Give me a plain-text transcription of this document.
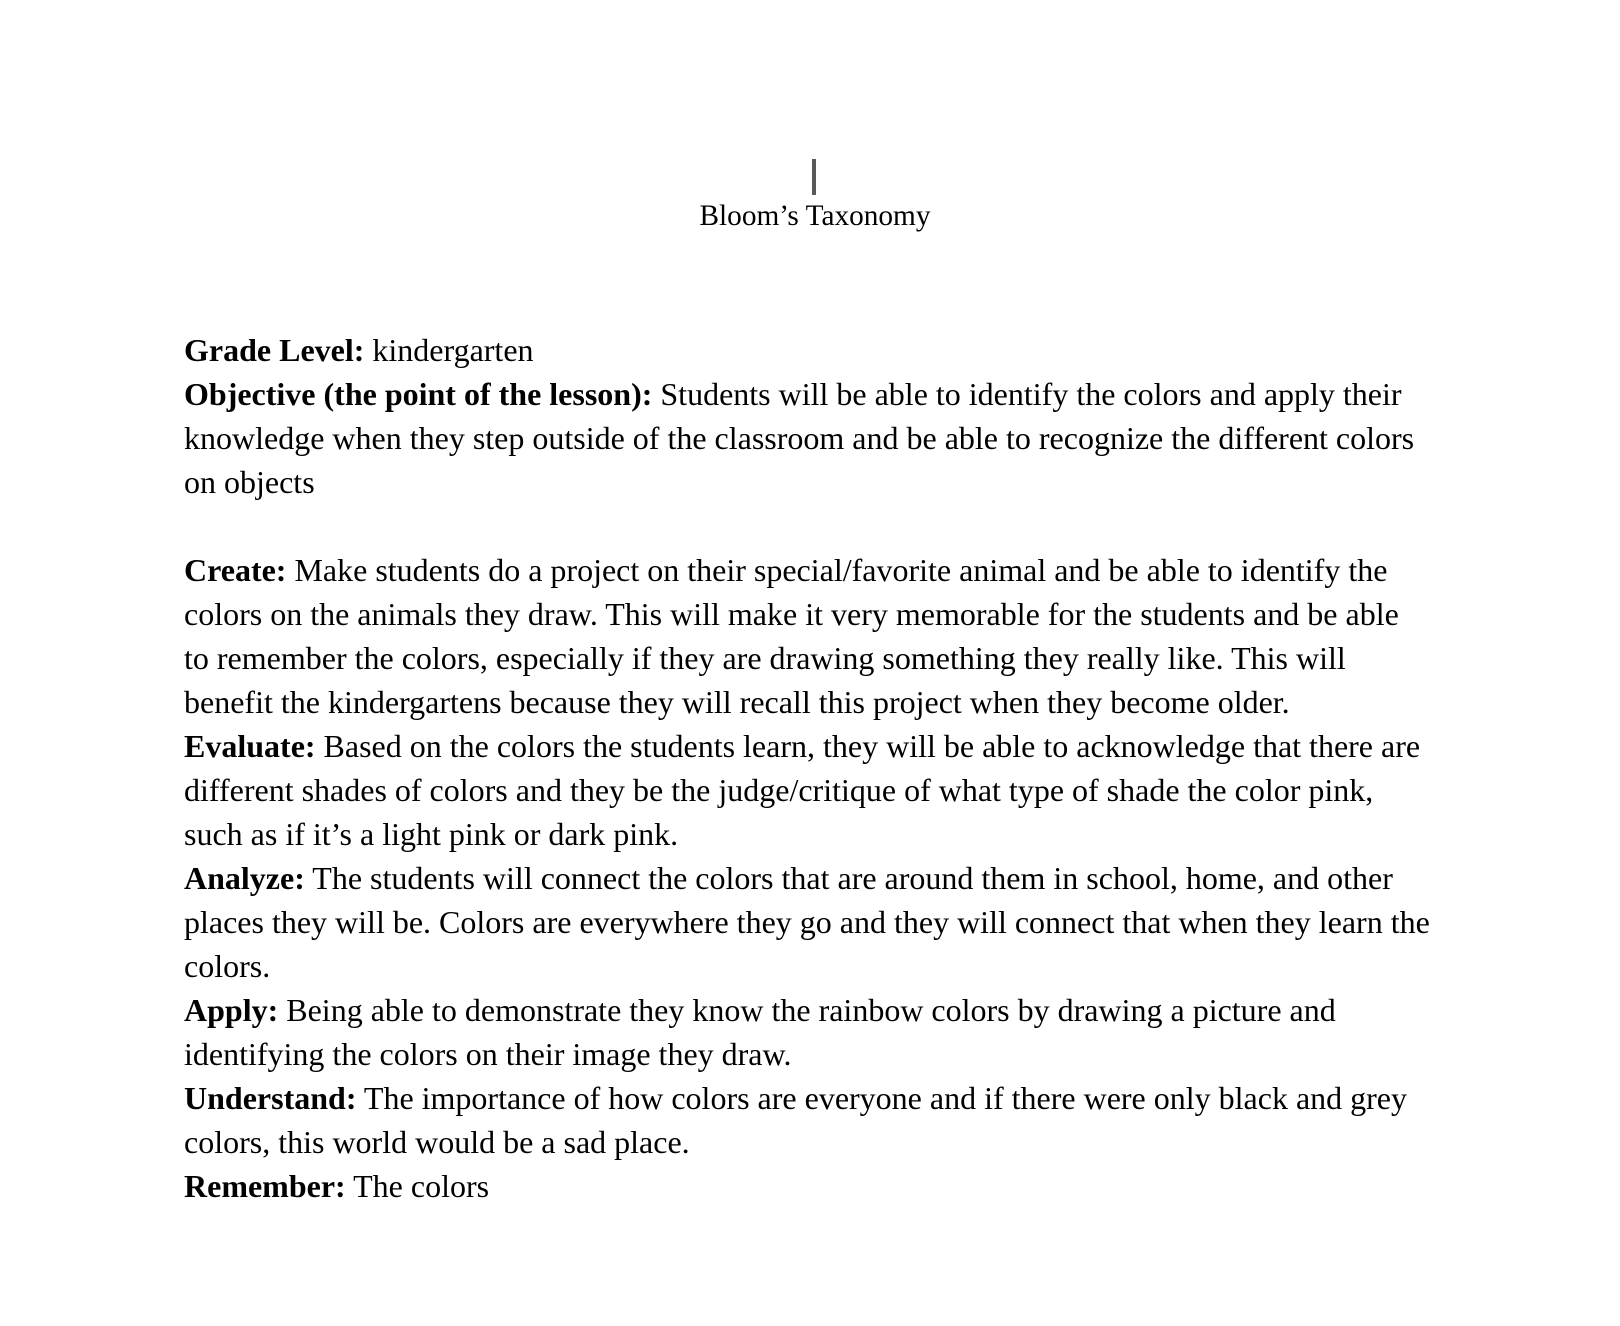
Bloom’s Taxonomy
Grade Level: kindergarten
Objective (the point of the lesson): Students will be able to identify the colors and apply their
knowledge when they step outside of the classroom and be able to recognize the different colors
on objects
Create: Make students do a project on their special/favorite animal and be able to identify the
colors on the animals they draw. This will make it very memorable for the students and be able
to remember the colors, especially if they are drawing something they really like. This will
benefit the kindergartens because they will recall this project when they become older.
Evaluate: Based on the colors the students learn, they will be able to acknowledge that there are
different shades of colors and they be the judge/critique of what type of shade the color pink,
such as if it’s a light pink or dark pink.
Analyze: The students will connect the colors that are around them in school, home, and other
places they will be. Colors are everywhere they go and they will connect that when they learn the
colors.
Apply: Being able to demonstrate they know the rainbow colors by drawing a picture and
identifying the colors on their image they draw.
Understand: The importance of how colors are everyone and if there were only black and grey
colors, this world would be a sad place.
Remember: The colors
